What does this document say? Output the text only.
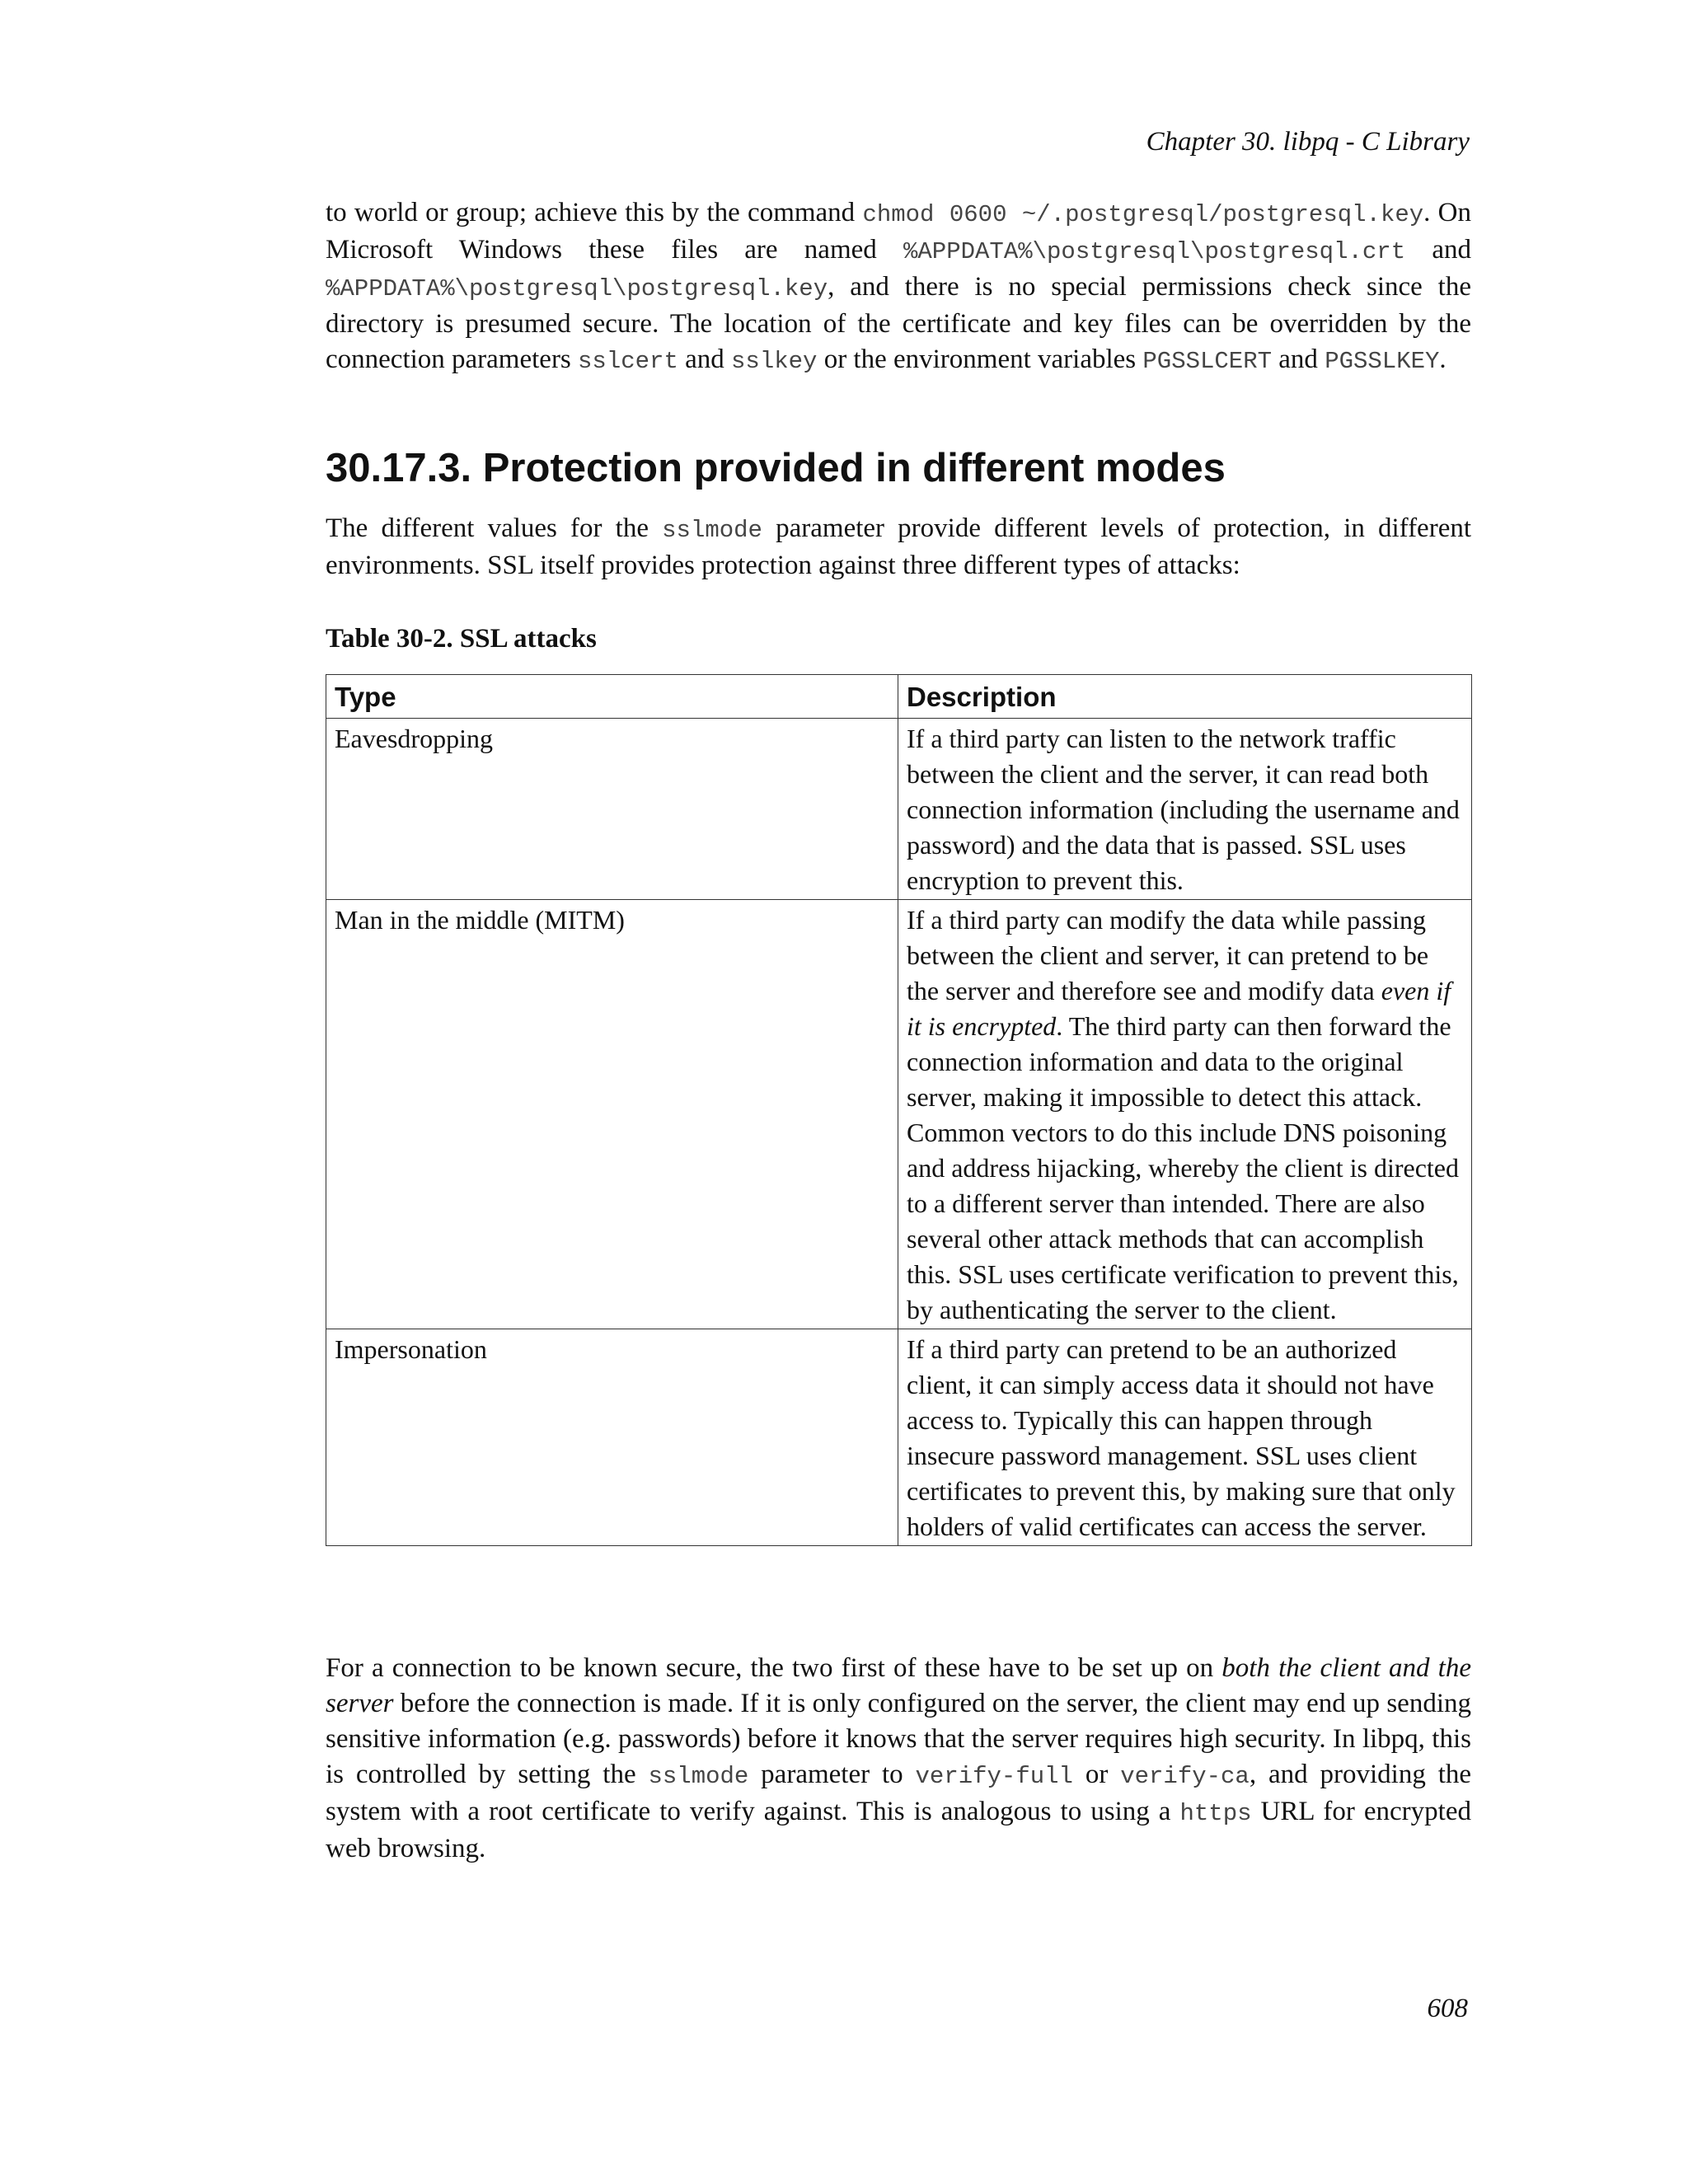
Chapter 30. libpq - C Library

to world or group; achieve this by the command chmod 0600 ~/.postgresql/postgresql.key. On Microsoft Windows these files are named %APPDATA%\postgresql\postgresql.crt and %APPDATA%\postgresql\postgresql.key, and there is no special permissions check since the directory is presumed secure. The location of the certificate and key files can be overridden by the connection parameters sslcert and sslkey or the environment variables PGSSLCERT and PGSSLKEY.

30.17.3. Protection provided in different modes

The different values for the sslmode parameter provide different levels of protection, in different environments. SSL itself provides protection against three different types of attacks:

Table 30-2. SSL attacks

Type	Description
Eavesdropping	If a third party can listen to the network traffic between the client and the server, it can read both connection information (including the username and password) and the data that is passed. SSL uses encryption to prevent this.
Man in the middle (MITM)	If a third party can modify the data while passing between the client and server, it can pretend to be the server and therefore see and modify data even if it is encrypted. The third party can then forward the connection information and data to the original server, making it impossible to detect this attack. Common vectors to do this include DNS poisoning and address hijacking, whereby the client is directed to a different server than intended. There are also several other attack methods that can accomplish this. SSL uses certificate verification to prevent this, by authenticating the server to the client.
Impersonation	If a third party can pretend to be an authorized client, it can simply access data it should not have access to. Typically this can happen through insecure password management. SSL uses client certificates to prevent this, by making sure that only holders of valid certificates can access the server.

For a connection to be known secure, the two first of these have to be set up on both the client and the server before the connection is made. If it is only configured on the server, the client may end up sending sensitive information (e.g. passwords) before it knows that the server requires high security. In libpq, this is controlled by setting the sslmode parameter to verify-full or verify-ca, and providing the system with a root certificate to verify against. This is analogous to using a https URL for encrypted web browsing.

608
